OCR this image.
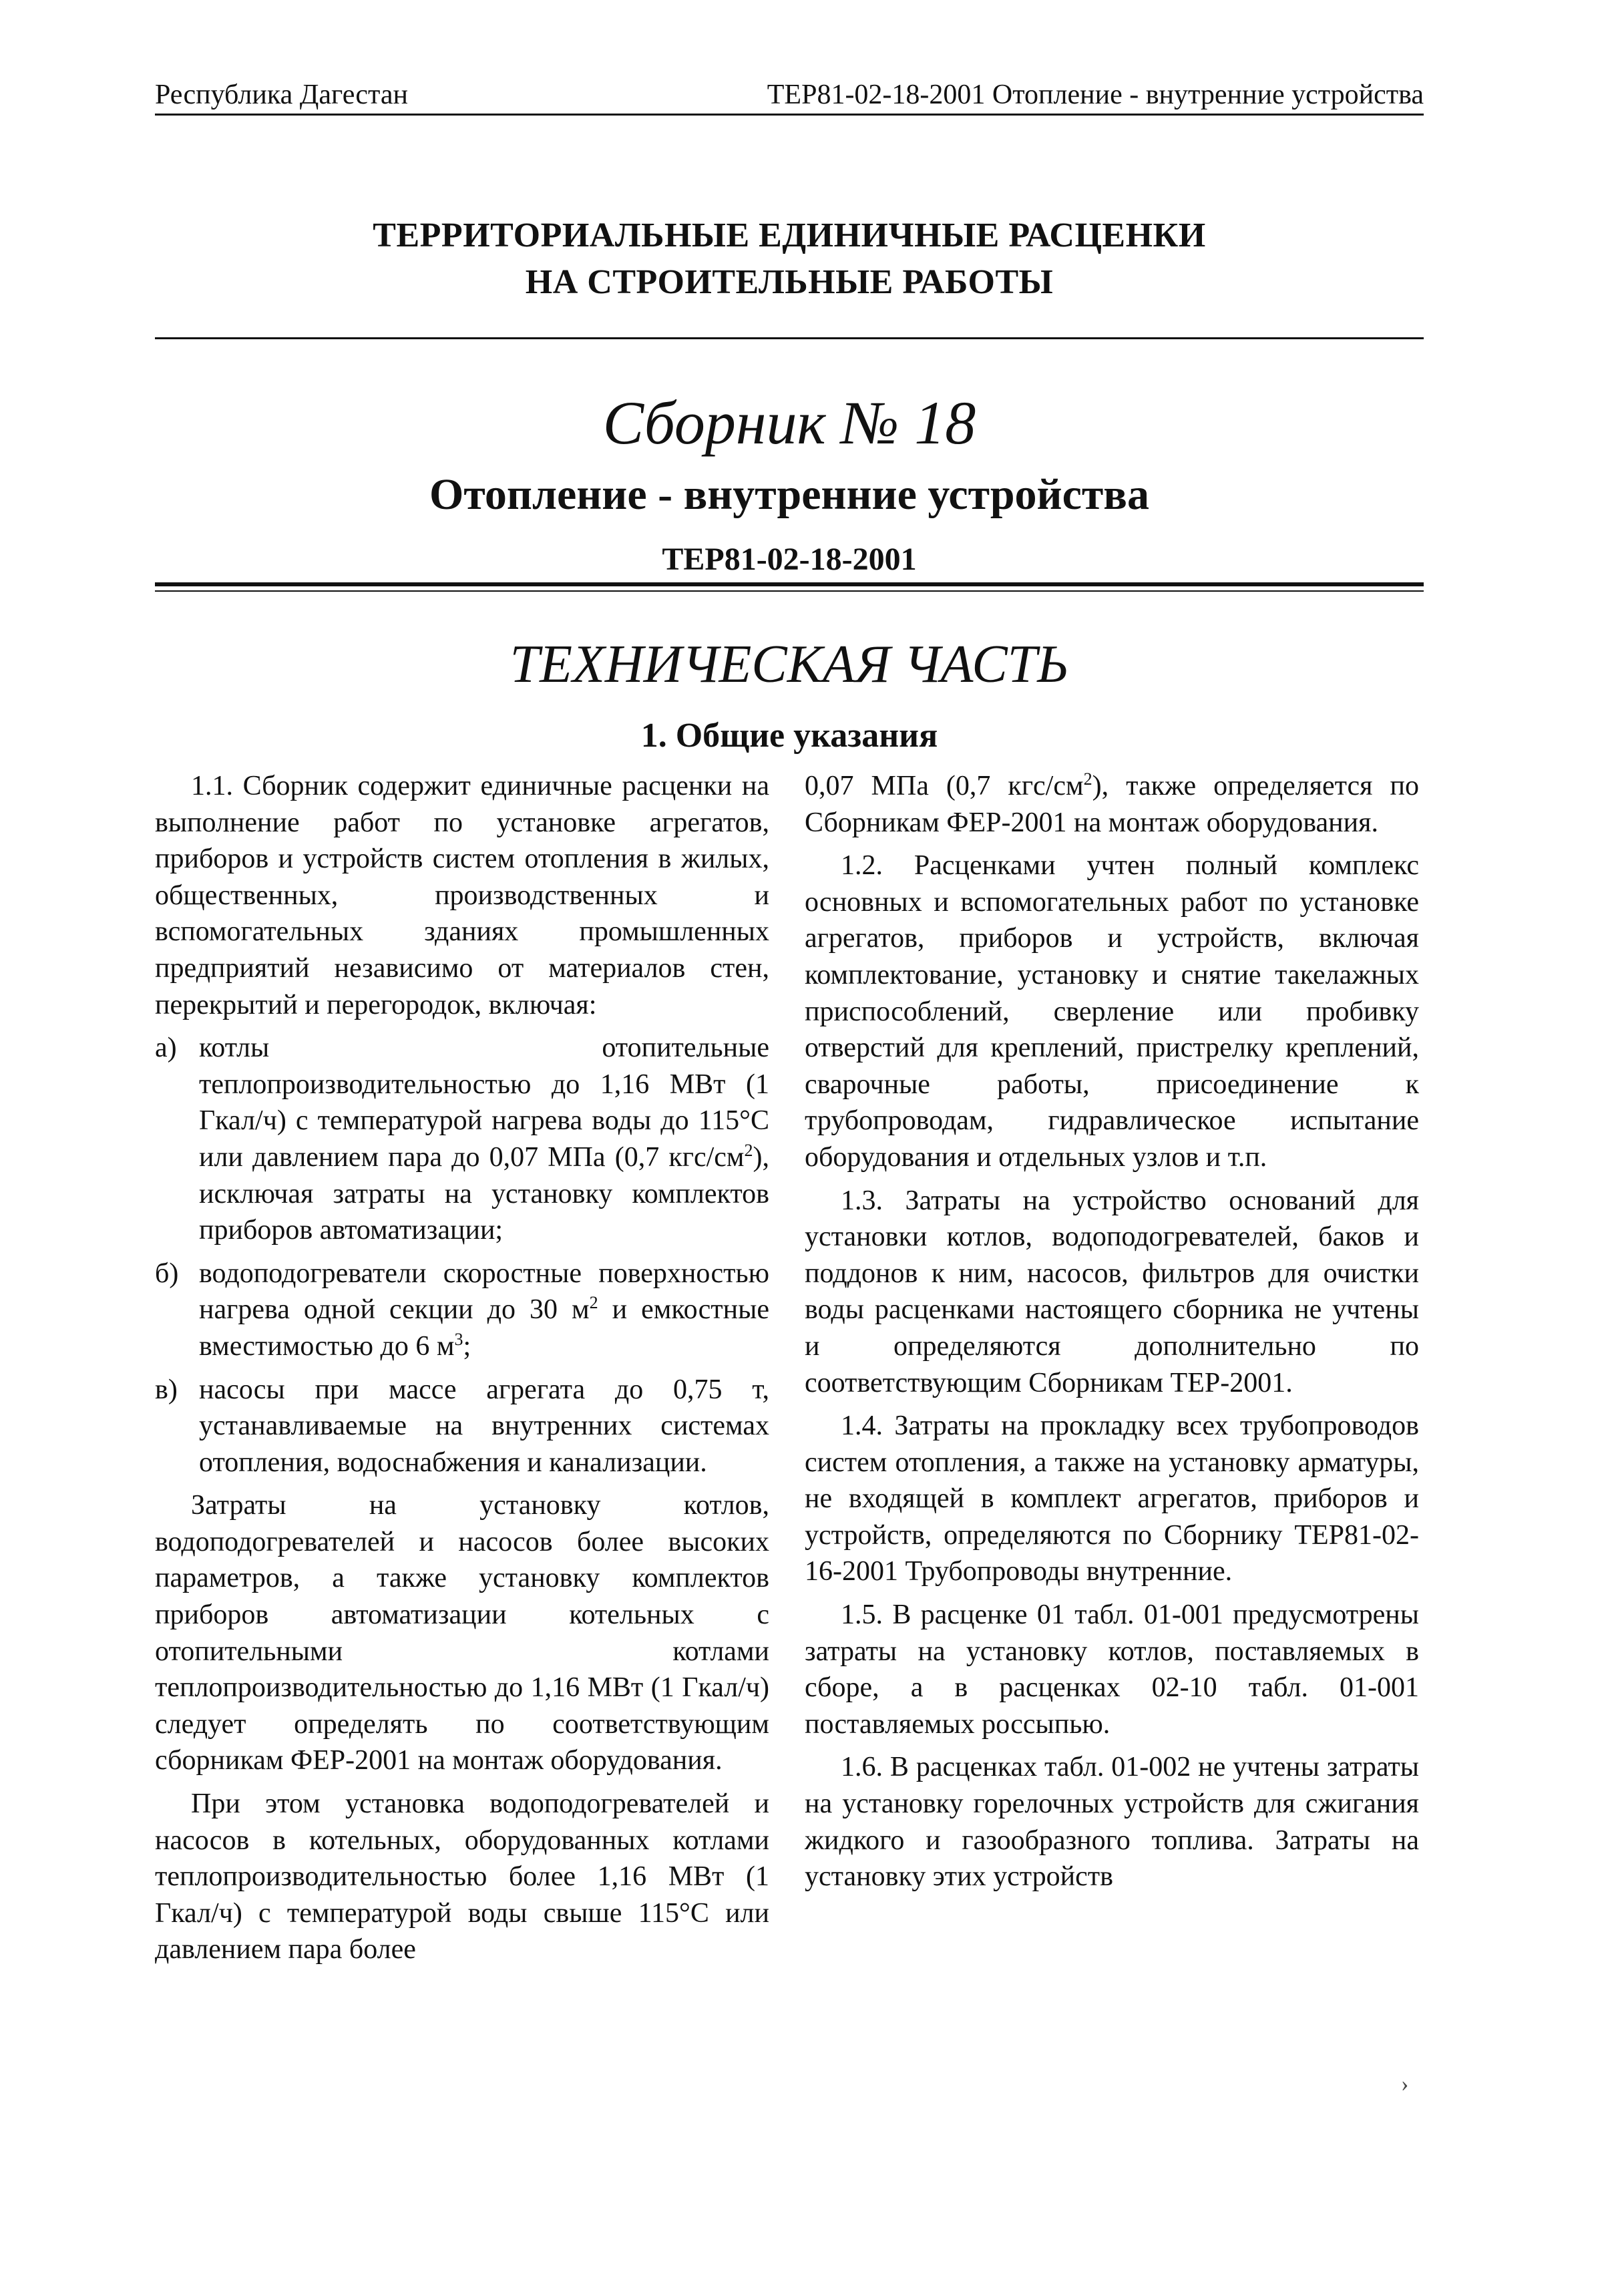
Республика Дагестан	ТЕР81-02-18-2001 Отопление - внутренние устройства
ТЕРРИТОРИАЛЬНЫЕ ЕДИНИЧНЫЕ РАСЦЕНКИ
НА СТРОИТЕЛЬНЫЕ РАБОТЫ
Сборник № 18
Отопление - внутренние устройства
ТЕР81-02-18-2001
ТЕХНИЧЕСКАЯ ЧАСТЬ
1. Общие указания

1.1. Сборник содержит единичные расценки на выполнение работ по установке агрегатов, приборов и устройств систем отопления в жилых, общественных, производственных и вспомогательных зданиях промышленных предприятий независимо от материалов стен, перекрытий и перегородок, включая:

а) котлы отопительные теплопроизводительностью до 1,16 МВт (1 Гкал/ч) с температурой нагрева воды до 115°С или давлением пара до 0,07 МПа (0,7 кгс/$см^2$), исключая затраты на установку комплектов приборов автоматизации;
б) водоподогреватели скоростные поверхностью нагрева одной секции до 30 $м^2$ и емкостные вместимостью до 6 $м^3$;
в) насосы при массе агрегата до 0,75 т, устанавливаемые на внутренних системах отопления, водоснабжения и канализации.

Затраты на установку котлов, водоподогревателей и насосов более высоких параметров, а также установку комплектов приборов автоматизации котельных с отопительными котлами теплопроизводительностью до 1,16 МВт (1 Гкал/ч) следует определять по соответствующим сборникам ФЕР-2001 на монтаж оборудования.

При этом установка водоподогревателей и насосов в котельных, оборудованных котлами теплопроизводительностью более 1,16 МВт (1 Гкал/ч) с температурой воды свыше 115°С или давлением пара более

0,07 МПа (0,7 кгс/$см^2$), также определяется по Сборникам ФЕР-2001 на монтаж оборудования.

1.2. Расценками учтен полный комплекс основных и вспомогательных работ по установке агрегатов, приборов и устройств, включая комплектование, установку и снятие такелажных приспособлений, сверление или пробивку отверстий для креплений, пристрелку креплений, сварочные работы, присоединение к трубопроводам, гидравлическое испытание оборудования и отдельных узлов и т.п.

1.3. Затраты на устройство оснований для установки котлов, водоподогревателей, баков и поддонов к ним, насосов, фильтров для очистки воды расценками настоящего сборника не учтены и определяются дополнительно по соответствующим Сборникам ТЕР-2001.

1.4. Затраты на прокладку всех трубопроводов систем отопления, а также на установку арматуры, не входящей в комплект агрегатов, приборов и устройств, определяются по Сборнику ТЕР81-02-16-2001 Трубопроводы внутренние.

1.5. В расценке 01 табл. 01-001 предусмотрены затраты на установку котлов, поставляемых в сборе, а в расценках 02-10 табл. 01-001 поставляемых россыпью.

1.6. В расценках табл. 01-002 не учтены затраты на установку горелочных устройств для сжигания жидкого и газообразного топлива. Затраты на установку этих устройств

›
